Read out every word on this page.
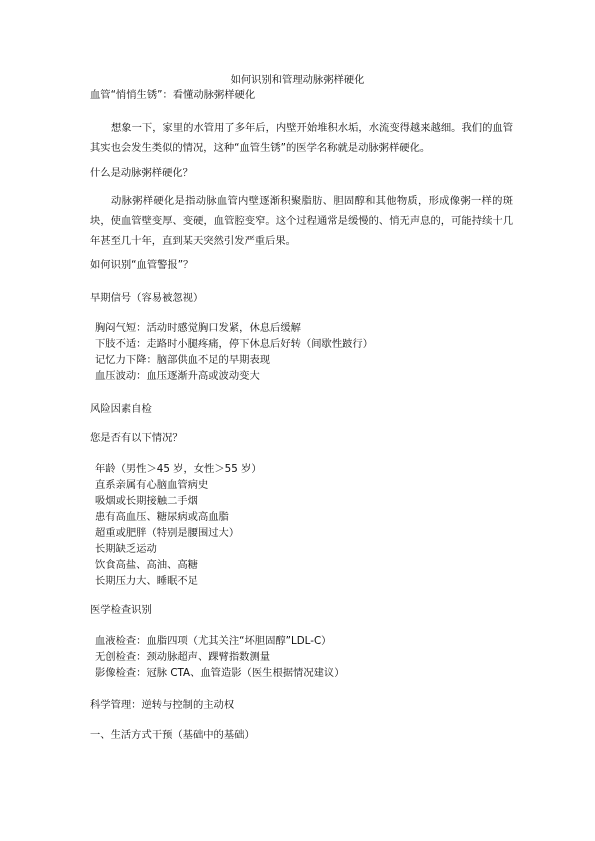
如何识别和管理动脉粥样硬化
血管“悄悄生锈”：看懂动脉粥样硬化
想象一下，家里的水管用了多年后，内壁开始堆积水垢，水流变得越来越细。我们的血管其实也会发生类似的情况，这种“血管生锈”的医学名称就是动脉粥样硬化。
什么是动脉粥样硬化？
动脉粥样硬化是指动脉血管内壁逐渐积聚脂肪、胆固醇和其他物质，形成像粥一样的斑块，使血管壁变厚、变硬，血管腔变窄。这个过程通常是缓慢的、悄无声息的，可能持续十几年甚至几十年，直到某天突然引发严重后果。
如何识别“血管警报”？
早期信号（容易被忽视）
胸闷气短：活动时感觉胸口发紧，休息后缓解
下肢不适：走路时小腿疼痛，停下休息后好转（间歇性跛行）
记忆力下降：脑部供血不足的早期表现
血压波动：血压逐渐升高或波动变大
风险因素自检
您是否有以下情况？
年龄（男性＞45 岁，女性＞55 岁）
直系亲属有心脑血管病史
吸烟或长期接触二手烟
患有高血压、糖尿病或高血脂
超重或肥胖（特别是腰围过大）
长期缺乏运动
饮食高盐、高油、高糖
长期压力大、睡眠不足
医学检查识别
血液检查：血脂四项（尤其关注“坏胆固醇”LDL-C）
无创检查：颈动脉超声、踝臂指数测量
影像检查：冠脉 CTA、血管造影（医生根据情况建议）
科学管理：逆转与控制的主动权
一、生活方式干预（基础中的基础）
